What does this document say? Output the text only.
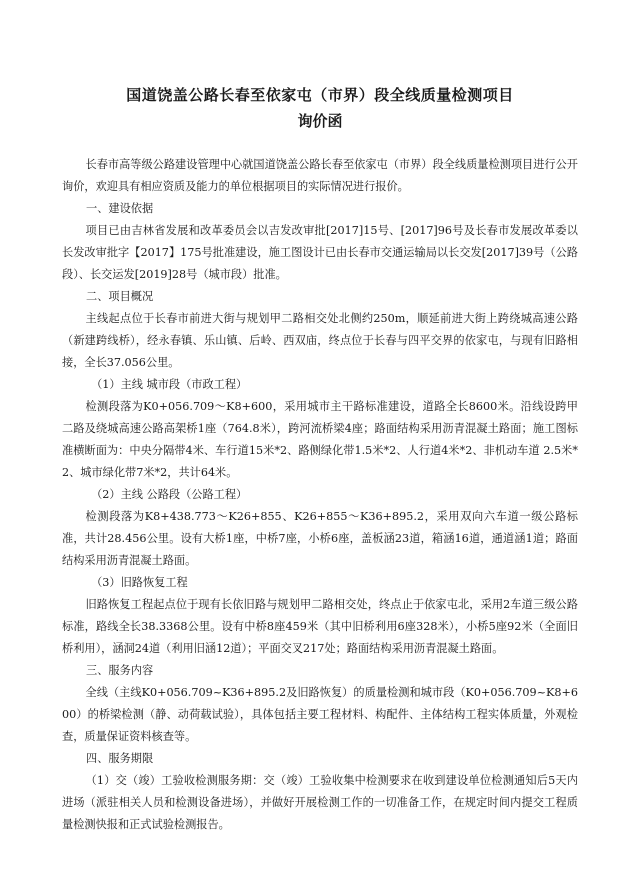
国道饶盖公路长春至依家屯（市界）段全线质量检测项目
询价函

长春市高等级公路建设管理中心就国道饶盖公路长春至依家屯（市界）段全线质量检测项目进行公开询价，欢迎具有相应资质及能力的单位根据项目的实际情况进行报价。

一、建设依据

项目已由吉林省发展和改革委员会以吉发改审批[2017]15号、[2017]96号及长春市发展改革委以长发改审批字【2017】175号批准建设，施工图设计已由长春市交通运输局以长交发[2017]39号（公路段）、长交运发[2019]28号（城市段）批准。

二、项目概况

主线起点位于长春市前进大街与规划甲二路相交处北侧约250m，顺延前进大街上跨绕城高速公路（新建跨线桥），经永春镇、乐山镇、后岭、西双庙，终点位于长春与四平交界的依家屯，与现有旧路相接，全长37.056公里。

（1）主线 城市段（市政工程）

检测段落为K0+056.709～K8+600，采用城市主干路标准建设，道路全长8600米。沿线设跨甲二路及绕城高速公路高架桥1座（764.8米），跨河流桥梁4座；路面结构采用沥青混凝土路面；施工图标准横断面为：中央分隔带4米、车行道15米*2、路侧绿化带1.5米*2、人行道4米*2、非机动车道 2.5米*2、城市绿化带7米*2，共计64米。

（2）主线 公路段（公路工程）

检测段落为K8+438.773～K26+855、K26+855～K36+895.2，采用双向六车道一级公路标准，共计28.456公里。设有大桥1座，中桥7座，小桥6座，盖板涵23道，箱涵16道，通道涵1道；路面结构采用沥青混凝土路面。

（3）旧路恢复工程

旧路恢复工程起点位于现有长依旧路与规划甲二路相交处，终点止于依家屯北，采用2车道三级公路标准，路线全长38.3368公里。设有中桥8座459米（其中旧桥利用6座328米），小桥5座92米（全面旧桥利用），涵洞24道（利用旧涵12道）；平面交叉217处；路面结构采用沥青混凝土路面。

三、服务内容

全线（主线K0+056.709~K36+895.2及旧路恢复）的质量检测和城市段（K0+056.709~K8+600）的桥梁检测（静、动荷载试验），具体包括主要工程材料、构配件、主体结构工程实体质量，外观检查，质量保证资料核查等。

四、服务期限

（1）交（竣）工验收检测服务期：交（竣）工验收集中检测要求在收到建设单位检测通知后5天内进场（派驻相关人员和检测设备进场），并做好开展检测工作的一切准备工作，在规定时间内提交工程质量检测快报和正式试验检测报告。
